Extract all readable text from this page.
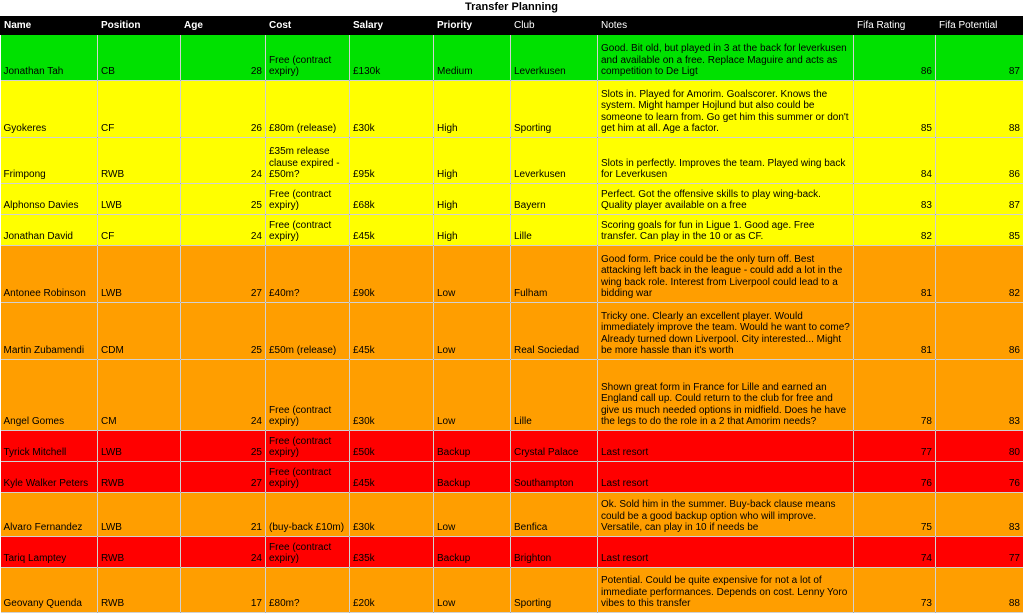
Transfer Planning
Name	Position	Age	Cost	Salary	Priority	Club	Notes	Fifa Rating	Fifa Potential
Jonathan Tah	CB	28	Free (contract expiry)	£130k	Medium	Leverkusen	Good. Bit old, but played in 3 at the back for leverkusen and available on a free. Replace Maguire and acts as competition to De Ligt	86	87
Gyokeres	CF	26	£80m (release)	£30k	High	Sporting	Slots in. Played for Amorim. Goalscorer. Knows the system. Might hamper Hojlund but also could be someone to learn from. Go get him this summer or don't get him at all. Age a factor.	85	88
Frimpong	RWB	24	£35m release clause expired - £50m?	£95k	High	Leverkusen	Slots in perfectly. Improves the team. Played wing back for Leverkusen	84	86
Alphonso Davies	LWB	25	Free (contract expiry)	£68k	High	Bayern	Perfect. Got the offensive skills to play wing-back. Quality player available on a free	83	87
Jonathan David	CF	24	Free (contract expiry)	£45k	High	Lille	Scoring goals for fun in Ligue 1. Good age. Free transfer. Can play in the 10 or as CF.	82	85
Antonee Robinson	LWB	27	£40m?	£90k	Low	Fulham	Good form. Price could be the only turn off. Best attacking left back in the league - could add a lot in the wing back role. Interest from Liverpool could lead to a bidding war	81	82
Martin Zubamendi	CDM	25	£50m (release)	£45k	Low	Real Sociedad	Tricky one. Clearly an excellent player. Would immediately improve the team. Would he want to come? Already turned down Liverpool. City interested... Might be more hassle than it's worth	81	86
Angel Gomes	CM	24	Free (contract expiry)	£30k	Low	Lille	Shown great form in France for Lille and earned an England call up. Could return to the club for free and give us much needed options in midfield. Does he have the legs to do the role in a 2 that Amorim needs?	78	83
Tyrick Mitchell	LWB	25	Free (contract expiry)	£50k	Backup	Crystal Palace	Last resort	77	80
Kyle Walker Peters	RWB	27	Free (contract expiry)	£45k	Backup	Southampton	Last resort	76	76
Alvaro Fernandez	LWB	21	(buy-back £10m)	£30k	Low	Benfica	Ok. Sold him in the summer. Buy-back clause means could be a good backup option who will improve. Versatile, can play in 10 if needs be	75	83
Tariq Lamptey	RWB	24	Free (contract expiry)	£35k	Backup	Brighton	Last resort	74	77
Geovany Quenda	RWB	17	£80m?	£20k	Low	Sporting	Potential. Could be quite expensive for not a lot of immediate performances. Depends on cost. Lenny Yoro vibes to this transfer	73	88
